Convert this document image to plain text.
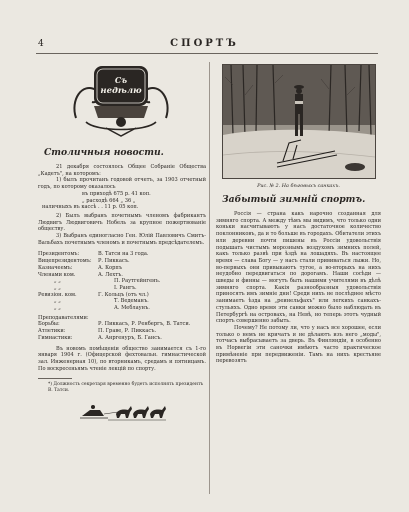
4	СПОРТЪ
Съ
недѣлю
Столичныя новости.

21 декабря состоялось Общее Собраніе Общества „Кадетъ", на которомъ:

1) былъ прочитанъ годовой отчетъ, за 1903 отчетный годъ, по которому оказалось

въ приходѣ 675 р. 41 коп.

„ расходѣ 664 „ 36 „

наличныхъ въ кассѣ . . 11 р. 05 коп.

2) Былъ выбранъ почетнымъ членомъ фабрикантъ Людвигъ Людвиговичъ Нобель за крупное пожертвованіе обществу.

3) Выбранъ единогласно Ген. Юлій Павловичъ Смитъ-Вальбахъ почетнымъ членомъ и почетнымъ предсѣдателемъ.

Президентомъ:	В. Татси на 3 года.
Вицепрезидентомъ:	Р. Пиккасъ.
Казначеемъ:	А. Корпъ
Членами ком.	А. Лехтъ.
„ „	П. Раутгейнгенъ.
„ „	I. Рангъ.
Ревизіон. ком.	Г. Кольцъ (отъ чл.)
„ „	Т. Ведеманъ.
„ „	А. Меблаунъ.
Преподавателями:
Борьбы:	Р. Пиккасъ, Р. Ренбергъ, В. Татси.
Атлетики:	П. Граве, Р. Пиккасъ.
Гимнастики:	А. Анргенуръ, Б. Гансъ.

Въ новомъ помѣщеніи общество занимается съ 1-го января 1904 г. (Офицерской фехтовальн. гимнастической зал. Инженерная 10), по вторникамъ, средамъ и пятницамъ. По воскресеньямъ чтеніе лекцій по спорту.

*) Должность секретаря временно будетъ исполнять президентъ В. Татси.
Рис. № 2. На бѣговыхъ санкахъ.
Забытый зимній спортъ.

Россія — страна какъ нарочно созданная для зимняго спорта. А между тѣмъ мы видимъ, что только одни коньки насчитываютъ у насъ достаточное количество поклонниковъ, да и то больше въ городахъ. Обитатели этихъ или деревни почти пишены въ Россіи удовольствія подышать чистымъ морознымъ воздухомъ зимнихъ полей, какъ только развѣ при ѣздѣ на лошадяхъ. Въ настоящее время — слава Богу — у насъ стали прививаться лыжи. Но, во-первыхъ они привыкаютъ тугое, а во-вторыхъ на нихъ неудобно передвигаться по дорогамъ. Наши сосѣди — шведы и финны — могутъ быть нашими учителями въ дѣлѣ зимняго спорта. Какія разнообразныя удовольствія приносятъ имъ зимніе дни! Среди нихъ не послѣднее мѣсто занимаетъ ѣзда на „реинельфахъ" или легкихъ санкахъ-стульяхъ. Одно время эти санки можно было наблюдать въ Петербургѣ на островахъ, на Невѣ, но теперь этотъ чудный спортъ совершенно забыть.

Почему? Не потому ли, что у насъ все хорошее, если только о немъ не кричатъ и не дѣлаютъ изъ него „моды", тотчасъ выбрасываетъ за дверь. Въ Финляндіи, в особенно въ Норвегіи эти саночки имѣютъ часто практическое примѣненіе при передвиженіи. Тамъ на нихъ крестьяне перевозятъ
